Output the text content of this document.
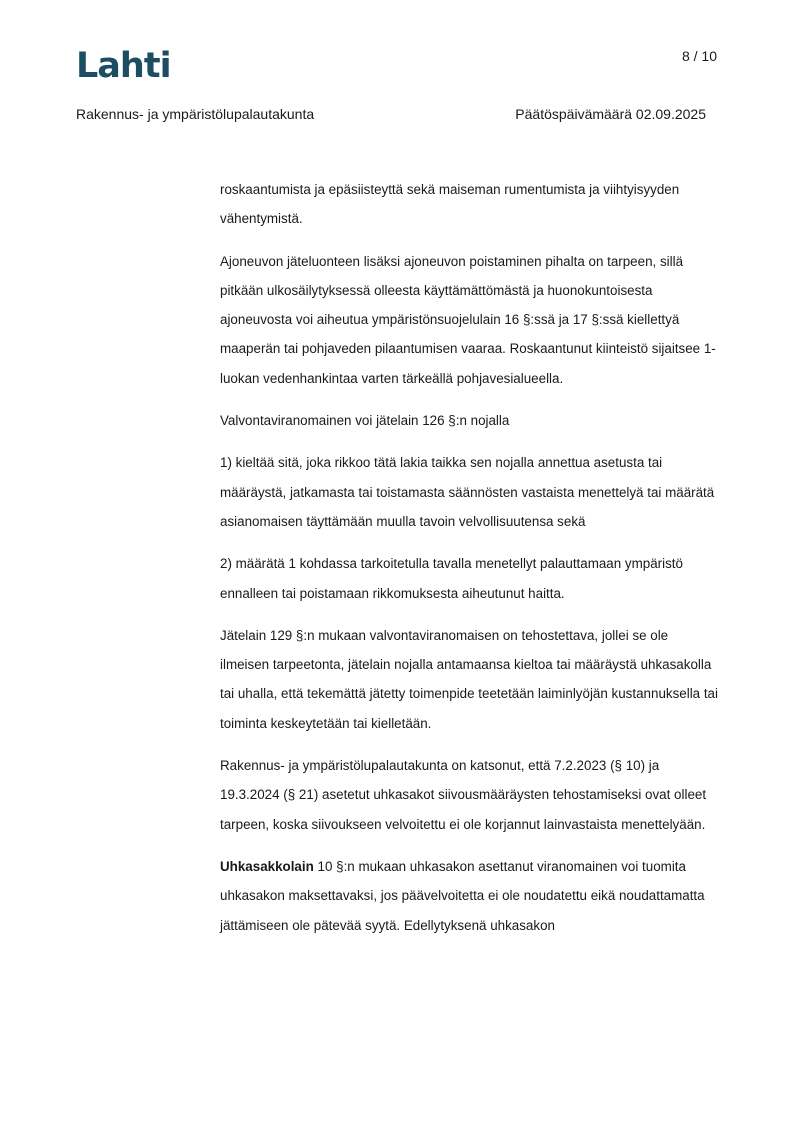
Lahti	8 / 10
Rakennus- ja ympäristölupalautakunta	Päätöspäivämäärä 02.09.2025

roskaantumista ja epäsiisteyttä sekä maiseman rumentumista ja viihtyisyyden vähentymistä.

Ajoneuvon jäteluonteen lisäksi ajoneuvon poistaminen pihalta on tarpeen, sillä pitkään ulkosäilytyksessä olleesta käyttämättömästä ja huonokuntoisesta ajoneuvosta voi aiheutua ympäristönsuojelulain 16 §:ssä ja 17 §:ssä kiellettyä maaperän tai pohjaveden pilaantumisen vaaraa. Roskaantunut kiinteistö sijaitsee 1-luokan vedenhankintaa varten tärkeällä pohjavesialueella.

Valvontaviranomainen voi jätelain 126 §:n nojalla

1) kieltää sitä, joka rikkoo tätä lakia taikka sen nojalla annettua asetusta tai määräystä, jatkamasta tai toistamasta säännösten vastaista menettelyä tai määrätä asianomaisen täyttämään muulla tavoin velvollisuutensa sekä

2) määrätä 1 kohdassa tarkoitetulla tavalla menetellyt palauttamaan ympäristö ennalleen tai poistamaan rikkomuksesta aiheutunut haitta.

Jätelain 129 §:n mukaan valvontaviranomaisen on tehostettava, jollei se ole ilmeisen tarpeetonta, jätelain nojalla antamaansa kieltoa tai määräystä uhkasakolla tai uhalla, että tekemättä jätetty toimenpide teetetään laiminlyöjän kustannuksella tai toiminta keskeytetään tai kielletään.

Rakennus- ja ympäristölupalautakunta on katsonut, että 7.2.2023 (§ 10) ja 19.3.2024 (§ 21) asetetut uhkasakot siivousmääräysten tehostamiseksi ovat olleet tarpeen, koska siivoukseen velvoitettu ei ole korjannut lainvastaista menettelyään.

Uhkasakkolain 10 §:n mukaan uhkasakon asettanut viranomainen voi tuomita uhkasakon maksettavaksi, jos päävelvoitetta ei ole noudatettu eikä noudattamatta jättämiseen ole pätevää syytä. Edellytyksenä uhkasakon
